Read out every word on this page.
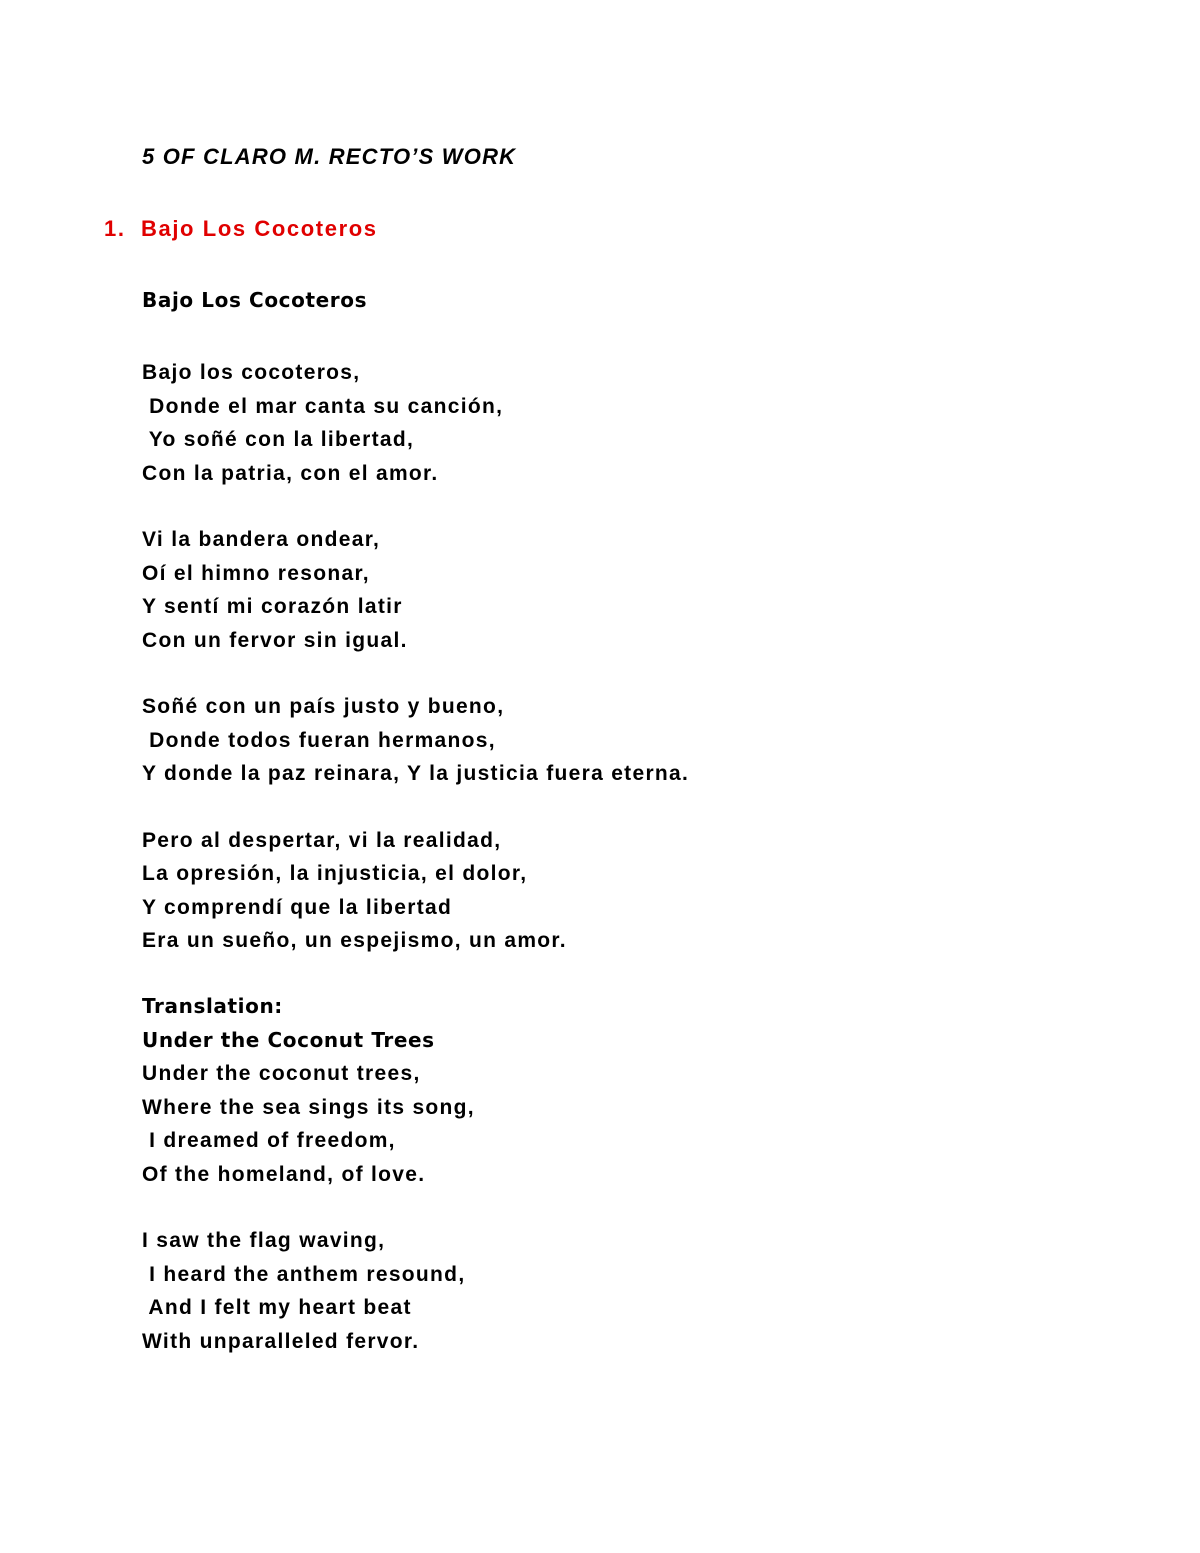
5 OF CLARO M. RECTO’S WORK
1. Bajo Los Cocoteros
Bajo Los Cocoteros
Bajo los cocoteros,
Donde el mar canta su canción,
Yo soñé con la libertad,
Con la patria, con el amor.
Vi la bandera ondear,
Oí el himno resonar,
Y sentí mi corazón latir
Con un fervor sin igual.
Soñé con un país justo y bueno,
Donde todos fueran hermanos,
Y donde la paz reinara, Y la justicia fuera eterna.
Pero al despertar, vi la realidad,
La opresión, la injusticia, el dolor,
Y comprendí que la libertad
Era un sueño, un espejismo, un amor.
Translation:
Under the Coconut Trees
Under the coconut trees,
Where the sea sings its song,
I dreamed of freedom,
Of the homeland, of love.
I saw the flag waving,
I heard the anthem resound,
And I felt my heart beat
With unparalleled fervor.
